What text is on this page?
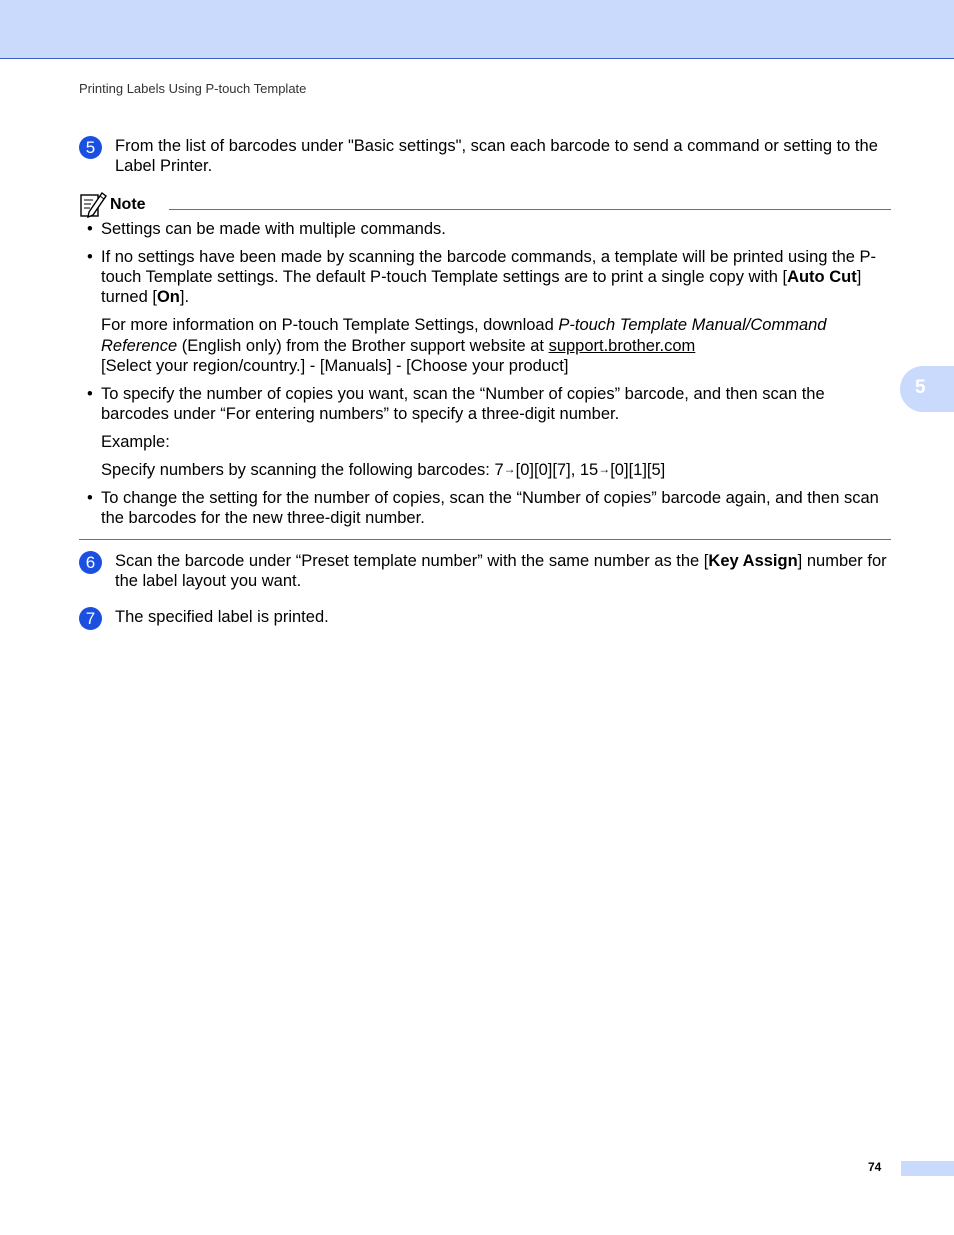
Printing Labels Using P-touch Template
5
5	From the list of barcodes under "Basic settings", scan each barcode to send a command or setting to the Label Printer.
Note
• Settings can be made with multiple commands.
• If no settings have been made by scanning the barcode commands, a template will be printed using the P-touch Template settings. The default P-touch Template settings are to print a single copy with [Auto Cut] turned [On].
For more information on P-touch Template Settings, download P-touch Template Manual/Command Reference (English only) from the Brother support website at support.brother.com
[Select your region/country.] - [Manuals] - [Choose your product]
• To specify the number of copies you want, scan the “Number of copies” barcode, and then scan the barcodes under “For entering numbers” to specify a three-digit number.
Example:
Specify numbers by scanning the following barcodes: 7→[0][0][7], 15→[0][1][5]
• To change the setting for the number of copies, scan the “Number of copies” barcode again, and then scan the barcodes for the new three-digit number.
6	Scan the barcode under “Preset template number” with the same number as the [Key Assign] number for the label layout you want.
7	The specified label is printed.
74
